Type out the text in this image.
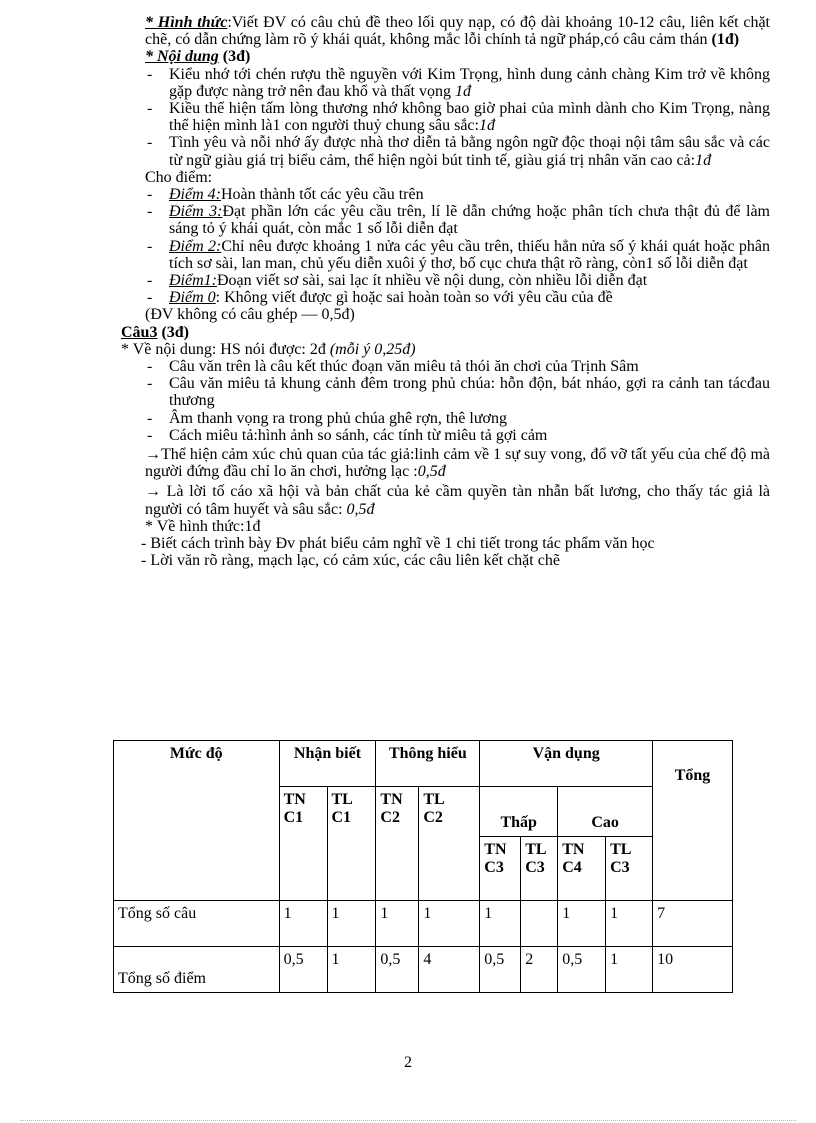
* Hình thức:Viết ĐV có câu chủ đề theo lối quy nạp, có độ dài khoảng 10-12 câu, liên kết chặt chẽ, có dẫn chứng làm rõ ý khái quát, không mắc lỗi chính tả ngữ pháp,có câu cảm thán (1đ)

* Nội dung (3đ)

- Kiểu nhớ tới chén rượu thề nguyền với Kim Trọng, hình dung cảnh chàng Kim trở về không gặp được nàng trở nên đau khổ và thất vọng 1đ

- Kiều thể hiện tấm lòng thương nhớ không bao giờ phai của mình dành cho Kim Trọng, nàng thể hiện mình là1 con người thuỷ chung sâu sắc:1đ

- Tình yêu và nỗi nhớ ấy được nhà thơ diễn tả bằng ngôn ngữ độc thoại nội tâm sâu sắc và các từ ngữ giàu giá trị biểu cảm, thể hiện ngòi bút tinh tế, giàu giá trị nhân văn cao cả:1đ

Cho điểm:

- Điểm 4:Hoàn thành tốt các yêu cầu trên

- Điểm 3:Đạt phần lớn các yêu cầu trên, lí lẽ dẫn chứng hoặc phân tích chưa thật đủ để làm sáng tỏ ý khái quát, còn mắc 1 số lỗi diễn đạt

- Điểm 2:Chỉ nêu được khoảng 1 nửa các yêu cầu trên, thiếu hẳn nửa số ý khái quát hoặc phân tích sơ sài, lan man, chủ yếu diễn xuôi ý thơ, bố cục chưa thật rõ ràng, còn1 số lỗi diễn đạt

- Điểm1:Đoạn viết sơ sài, sai lạc ít nhiều về nội dung, còn nhiều lỗi diễn đạt

- Điểm 0: Không viết được gì hoặc sai hoàn toàn so với yêu cầu của đề

(ĐV không có câu ghép — 0,5đ)

Câu3 (3đ)

* Về nội dung: HS nói được: 2đ (mỗi ý 0,25đ)

- Câu văn trên là câu kết thúc đoạn văn miêu tả thói ăn chơi của Trịnh Sâm

- Câu văn miêu tả khung cảnh đêm trong phủ chúa: hỗn độn, bát nháo, gợi ra cảnh tan tácđau thương

- Âm thanh vọng ra trong phủ chúa ghê rợn, thê lương

- Cách miêu tả:hình ảnh so sánh, các tính từ miêu tả gợi cảm

→Thể hiện cảm xúc chủ quan của tác giả:linh cảm về 1 sự suy vong, đổ vỡ tất yếu của chế độ mà người đứng đầu chỉ lo ăn chơi, hưởng lạc :0,5đ

→ Là lời tố cáo xã hội và bản chất của kẻ cầm quyền tàn nhẫn bất lương, cho thấy tác giả là người có tâm huyết và sâu sắc: 0,5đ

* Về hình thức:1đ

- Biết cách trình bày Đv phát biểu cảm nghĩ về 1 chi tiết trong tác phẩm văn học

- Lời văn rõ ràng, mạch lạc, có cảm xúc, các câu liên kết chặt chẽ

Mức độ	Nhận biết		Thông hiểu		Vận dụng				Tổng

	TN C1	TL C1	TN C2	TL C2	Thấp		Cao		
					TN C3	TL C3	TN C4	TL C3	
Tổng số câu	1	1	1	1	1		1	1	7
Tổng số điểm	0,5	1	0,5	4	0,5	2	0,5	1	10
2
